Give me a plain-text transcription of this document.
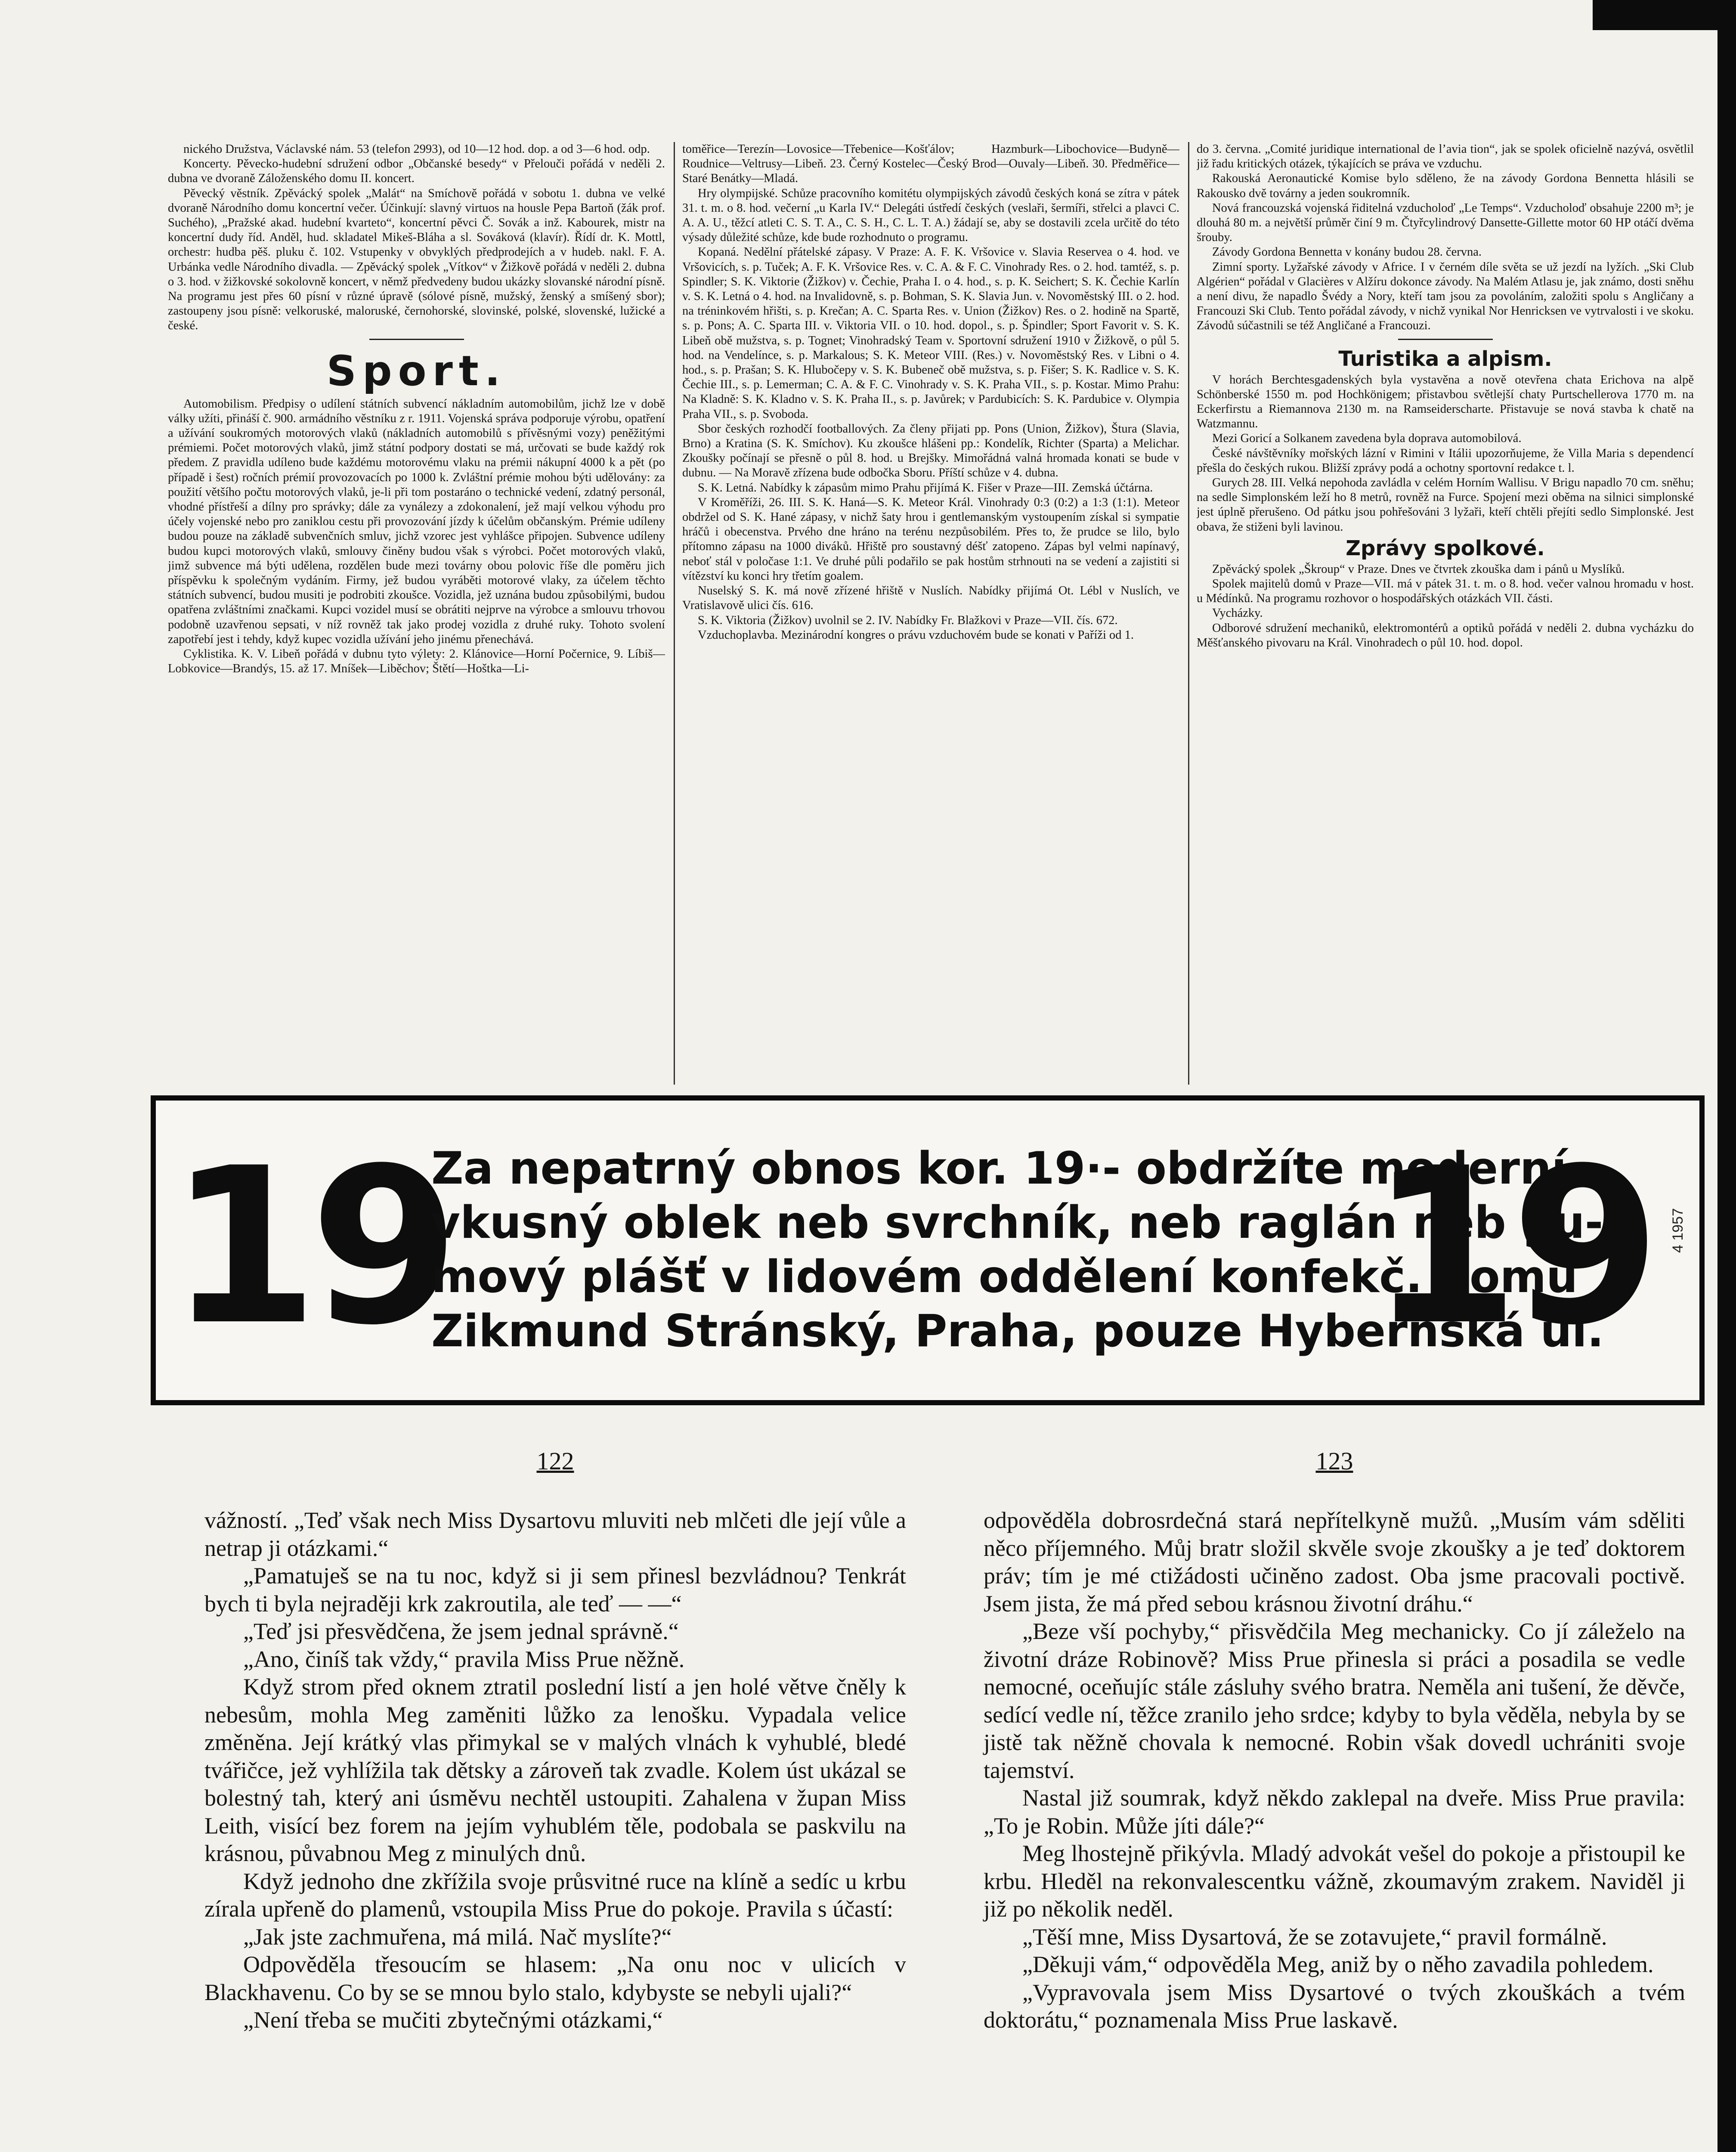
nického Družstva, Václavské nám. 53 (telefon 2993), od 10—12 hod. dop. a od 3—6 hod. odp.

Koncerty. Pěvecko-hudební sdružení odbor „Občanské besedy“ v Přelouči pořádá v neděli 2. dubna ve dvoraně Záloženského domu II. koncert.

Pěvecký věstník. Zpěvácký spolek „Malát“ na Smíchově pořádá v sobotu 1. dubna ve velké dvoraně Národního domu koncertní večer. Účinkují: slavný virtuos na housle Pepa Bartoň (žák prof. Suchého), „Pražské akad. hudební kvarteto“, koncertní pěvci Č. Sovák a inž. Kabourek, mistr na koncertní dudy říd. Anděl, hud. skladatel Mikeš-Bláha a sl. Sováková (klavír). Řídí dr. K. Mottl, orchestr: hudba pěš. pluku č. 102. Vstupenky v obvyklých předprodejích a v hudeb. nakl. F. A. Urbánka vedle Národního divadla. — Zpěvácký spolek „Vítkov“ v Žižkově pořádá v neděli 2. dubna o 3. hod. v žižkovské sokolovně koncert, v němž předvedeny budou ukázky slovanské národní písně. Na programu jest přes 60 písní v různé úpravě (sólové písně, mužský, ženský a smíšený sbor); zastoupeny jsou písně: velkoruské, maloruské, černohorské, slovinské, polské, slovenské, lužické a české.

Sport.

Automobilism. Předpisy o udílení státních subvencí nákladním automobilům, jichž lze v době války užíti, přináší č. 900. armádního věstníku z r. 1911. Vojenská správa podporuje výrobu, opatření a užívání soukromých motorových vlaků (nákladních automobilů s přívěsnými vozy) peněžitými prémiemi. Počet motorových vlaků, jimž státní podpory dostati se má, určovati se bude každý rok předem. Z pravidla udíleno bude každému motorovému vlaku na prémii nákupní 4000 k a pět (po případě i šest) ročních prémií provozovacích po 1000 k. Zvláštní prémie mohou býti udělovány: za použití většího počtu motorových vlaků, je-li při tom postaráno o technické vedení, zdatný personál, vhodné přístřeší a dílny pro správky; dále za vynálezy a zdokonalení, jež mají velkou výhodu pro účely vojenské nebo pro zaniklou cestu při provozování jízdy k účelům občanským. Prémie udíleny budou pouze na základě subvenčních smluv, jichž vzorec jest vyhlášce připojen. Subvence udíleny budou kupci motorových vlaků, smlouvy činěny budou však s výrobci. Počet motorových vlaků, jimž subvence má býti udělena, rozdělen bude mezi továrny obou polovic říše dle poměru jich příspěvku k společným vydáním. Firmy, jež budou vyráběti motorové vlaky, za účelem těchto státních subvencí, budou musiti je podrobiti zkoušce. Vozidla, jež uznána budou způsobilými, budou opatřena zvláštními značkami. Kupci vozidel musí se obrátiti nejprve na výrobce a smlouvu trhovou podobně uzavřenou sepsati, v níž rovněž tak jako prodej vozidla z druhé ruky. Tohoto svolení zapotřebí jest i tehdy, když kupec vozidla užívání jeho jinému přenechává.

Cyklistika. K. V. Libeň pořádá v dubnu tyto výlety: 2. Klánovice—Horní Počernice, 9. Líbiš—Lobkovice—Brandýs, 15. až 17. Mníšek—Liběchov; Štětí—Hoštka—Li-

toměřice—Terezín—Lovosice—Třebenice—Košťálov; Hazmburk—Libochovice—Budyně—Roudnice—Veltrusy—Libeň. 23. Černý Kostelec—Český Brod—Ouvaly—Libeň. 30. Předměřice—Staré Benátky—Mladá.

Hry olympijské. Schůze pracovního komitétu olympijských závodů českých koná se zítra v pátek 31. t. m. o 8. hod. večerní „u Karla IV.“ Delegáti ústředí českých (veslaři, šermíři, střelci a plavci C. A. A. U., těžcí atleti C. S. T. A., C. S. H., C. L. T. A.) žádají se, aby se dostavili zcela určitě do této výsady důležité schůze, kde bude rozhodnuto o programu.

Kopaná. Nedělní přátelské zápasy. V Praze: A. F. K. Vršovice v. Slavia Reservea o 4. hod. ve Vršovicích, s. p. Tuček; A. F. K. Vršovice Res. v. C. A. & F. C. Vinohrady Res. o 2. hod. tamtéž, s. p. Spindler; S. K. Viktorie (Žižkov) v. Čechie, Praha I. o 4. hod., s. p. K. Seichert; S. K. Čechie Karlín v. S. K. Letná o 4. hod. na Invalidovně, s. p. Bohman, S. K. Slavia Jun. v. Novoměstský III. o 2. hod. na tréninkovém hřišti, s. p. Krečan; A. C. Sparta Res. v. Union (Žižkov) Res. o 2. hodině na Spartě, s. p. Pons; A. C. Sparta III. v. Viktoria VII. o 10. hod. dopol., s. p. Špindler; Sport Favorit v. S. K. Libeň obě mužstva, s. p. Tognet; Vinohradský Team v. Sportovní sdružení 1910 v Žižkově, o půl 5. hod. na Vendelínce, s. p. Markalous; S. K. Meteor VIII. (Res.) v. Novoměstský Res. v Libni o 4. hod., s. p. Prašan; S. K. Hlubočepy v. S. K. Bubeneč obě mužstva, s. p. Fišer; S. K. Radlice v. S. K. Čechie III., s. p. Lemerman; C. A. & F. C. Vinohrady v. S. K. Praha VII., s. p. Kostar. Mimo Prahu: Na Kladně: S. K. Kladno v. S. K. Praha II., s. p. Javůrek; v Pardubicích: S. K. Pardubice v. Olympia Praha VII., s. p. Svoboda.

Sbor českých rozhodčí footballových. Za členy přijati pp. Pons (Union, Žižkov), Štura (Slavia, Brno) a Kratina (S. K. Smíchov). Ku zkoušce hlášeni pp.: Kondelík, Richter (Sparta) a Melichar. Zkoušky počínají se přesně o půl 8. hod. u Brejšky. Mimořádná valná hromada konati se bude v dubnu. — Na Moravě zřízena bude odbočka Sboru. Příští schůze v 4. dubna.

S. K. Letná. Nabídky k zápasům mimo Prahu přijímá K. Fišer v Praze—III. Zemská účtárna.

V Kroměříži, 26. III. S. K. Haná—S. K. Meteor Král. Vinohrady 0:3 (0:2) a 1:3 (1:1). Meteor obdržel od S. K. Hané zápasy, v nichž šaty hrou i gentlemanským vystoupením získal si sympatie hráčů i obecenstva. Prvého dne hráno na terénu nezpůsobilém. Přes to, že prudce se lilo, bylo přítomno zápasu na 1000 diváků. Hřiště pro soustavný déšť zatopeno. Zápas byl velmi napínavý, neboť stál v poločase 1:1. Ve druhé půli podařilo se pak hostům strhnouti na se vedení a zajistiti si vítězství ku konci hry třetím goalem.

Nuselský S. K. má nově zřízené hřiště v Nuslích. Nabídky přijímá Ot. Lébl v Nuslích, ve Vratislavově ulici čís. 616.

S. K. Viktoria (Žižkov) uvolnil se 2. IV. Nabídky Fr. Blažkovi v Praze—VII. čís. 672.

Vzduchoplavba. Mezinárodní kongres o právu vzduchovém bude se konati v Paříži od 1.

do 3. června. „Comité juridique international de l’avia tion“, jak se spolek oficielně nazývá, osvětlil již řadu kritických otázek, týkajících se práva ve vzduchu.

Rakouská Aeronautické Komise bylo sděleno, že na závody Gordona Bennetta hlásili se Rakousko dvě továrny a jeden soukromník.

Nová francouzská vojenská řiditelná vzducholoď „Le Temps“. Vzducholoď obsahuje 2200 m³; je dlouhá 80 m. a největší průměr činí 9 m. Čtyřcylindrový Dansette-Gillette motor 60 HP otáčí dvěma šrouby.

Závody Gordona Bennetta v konány budou 28. června.

Zimní sporty. Lyžařské závody v Africe. I v černém díle světa se už jezdí na lyžích. „Ski Club Algérien“ pořádal v Glacières v Alžíru dokonce závody. Na Malém Atlasu je, jak známo, dosti sněhu a není divu, že napadlo Švédy a Nory, kteří tam jsou za povoláním, založiti spolu s Angličany a Francouzi Ski Club. Tento pořádal závody, v nichž vynikal Nor Henricksen ve vytrvalosti i ve skoku. Závodů súčastnili se též Angličané a Francouzi.

Turistika a alpism.

V horách Berchtesgadenských byla vystavěna a nově otevřena chata Erichova na alpě Schönberské 1550 m. pod Hochkönigem; přistavbou světlejší chaty Purtschellerova 1770 m. na Eckerfirstu a Riemannova 2130 m. na Ramseiderscharte. Přistavuje se nová stavba k chatě na Watzmannu.

Mezi Goricí a Solkanem zavedena byla doprava automobilová.

České návštěvníky mořských lázní v Rimini v Itálii upozorňujeme, že Villa Maria s dependencí přešla do českých rukou. Bližší zprávy podá a ochotny sportovní redakce t. l.

Gurych 28. III. Velká nepohoda zavládla v celém Horním Wallisu. V Brigu napadlo 70 cm. sněhu; na sedle Simplonském leží ho 8 metrů, rovněž na Furce. Spojení mezi oběma na silnici simplonské jest úplně přerušeno. Od pátku jsou pohřešováni 3 lyžaři, kteří chtěli přejíti sedlo Simplonské. Jest obava, že stiženi byli lavinou.

Zprávy spolkové.

Zpěvácký spolek „Škroup“ v Praze. Dnes ve čtvrtek zkouška dam i pánů u Myslíků.

Spolek majitelů domů v Praze—VII. má v pátek 31. t. m. o 8. hod. večer valnou hromadu v host. u Médínků. Na programu rozhovor o hospodářských otázkách VII. části.

Vycházky.

Odborové sdružení mechaniků, elektromontérů a optiků pořádá v neděli 2. dubna vycházku do Měšťanského pivovaru na Král. Vinohradech o půl 10. hod. dopol.

19
Za nepatrný obnos kor. 19·- obdržíte moderní
vkusný oblek neb svrchník, neb raglán neb gu-
mový plášť v lidovém oddělení konfekč. domu
Zikmund Stránský, Praha, pouze Hybernská ul.
19 4 1957
122

vážností. „Teď však nech Miss Dysartovu mluviti neb mlčeti dle její vůle a netrap ji otázkami.“

„Pamatuješ se na tu noc, když si ji sem přinesl bezvládnou? Tenkrát bych ti byla nejraději krk zakroutila, ale teď — —“

„Teď jsi přesvědčena, že jsem jednal správně.“

„Ano, činíš tak vždy,“ pravila Miss Prue něžně.

Když strom před oknem ztratil poslední listí a jen holé větve čněly k nebesům, mohla Meg zaměniti lůžko za lenošku. Vypadala velice změněna. Její krátký vlas přimykal se v malých vlnách k vyhublé, bledé tvářičce, jež vyhlížila tak dětsky a zároveň tak zvadle. Kolem úst ukázal se bolestný tah, který ani úsměvu nechtěl ustoupiti. Zahalena v župan Miss Leith, visící bez forem na jejím vyhublém těle, podobala se paskvilu na krásnou, půvabnou Meg z minulých dnů.

Když jednoho dne zkřížila svoje průsvitné ruce na klíně a sedíc u krbu zírala upřeně do plamenů, vstoupila Miss Prue do pokoje. Pravila s účastí:

„Jak jste zachmuřena, má milá. Nač myslíte?“

Odpověděla třesoucím se hlasem: „Na onu noc v ulicích v Blackhavenu. Co by se se mnou bylo stalo, kdybyste se nebyli ujali?“

„Není třeba se mučiti zbytečnými otázkami,“

123

odpověděla dobrosrdečná stará nepřítelkyně mužů. „Musím vám sděliti něco příjemného. Můj bratr složil skvěle svoje zkoušky a je teď doktorem práv; tím je mé ctižádosti učiněno zadost. Oba jsme pracovali poctivě. Jsem jista, že má před sebou krásnou životní dráhu.“

„Beze vší pochyby,“ přisvědčila Meg mechanicky. Co jí záleželo na životní dráze Robinově? Miss Prue přinesla si práci a posadila se vedle nemocné, oceňujíc stále zásluhy svého bratra. Neměla ani tušení, že děvče, sedící vedle ní, těžce zranilo jeho srdce; kdyby to byla věděla, nebyla by se jistě tak něžně chovala k nemocné. Robin však dovedl uchrániti svoje tajemství.

Nastal již soumrak, když někdo zaklepal na dveře. Miss Prue pravila: „To je Robin. Může jíti dále?“

Meg lhostejně přikývla. Mladý advokát vešel do pokoje a přistoupil ke krbu. Hleděl na rekonvalescentku vážně, zkoumavým zrakem. Naviděl ji již po několik neděl.

„Těší mne, Miss Dysartová, že se zotavujete,“ pravil formálně.

„Děkuji vám,“ odpověděla Meg, aniž by o něho zavadila pohledem.

„Vypravovala jsem Miss Dysartové o tvých zkouškách a tvém doktorátu,“ poznamenala Miss Prue laskavě.
